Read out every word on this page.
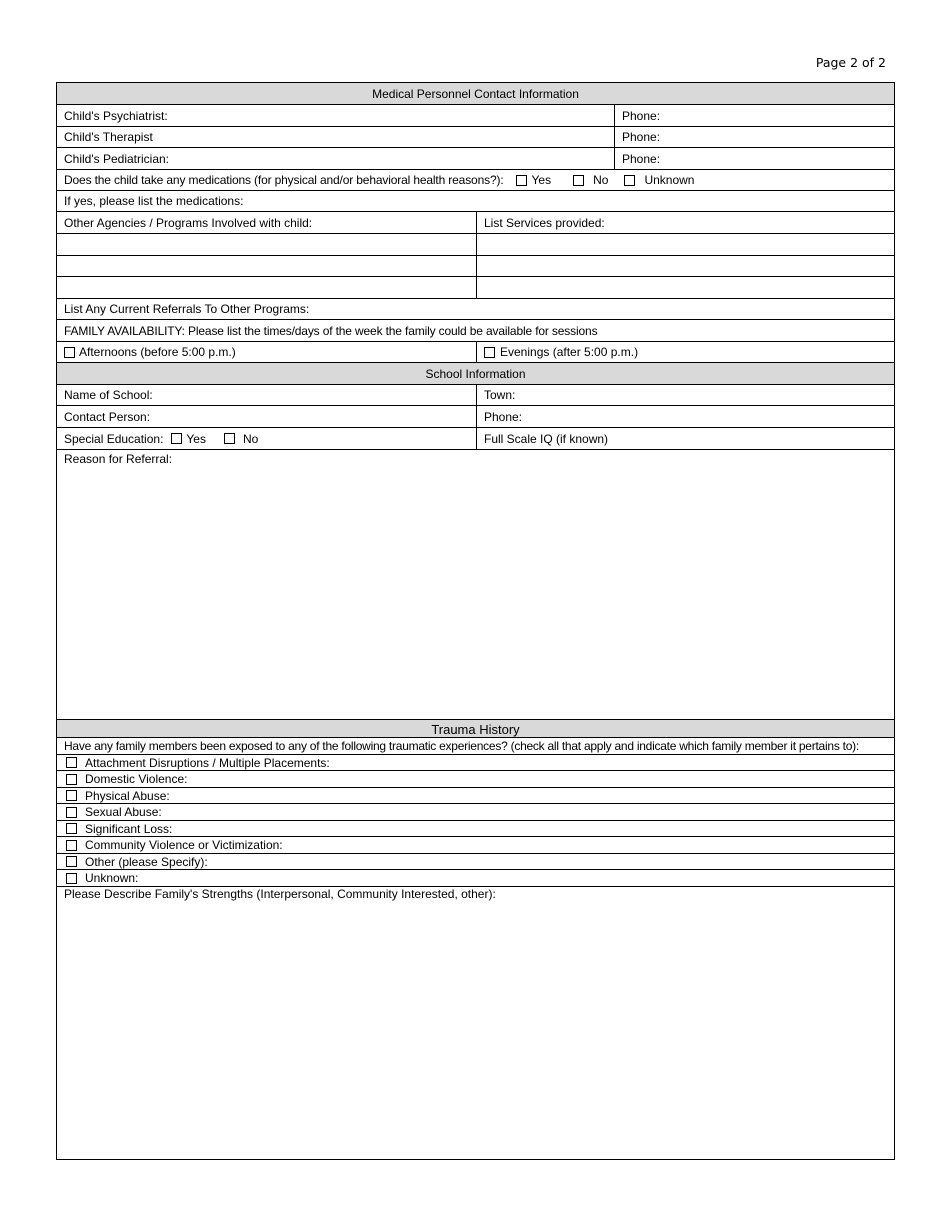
Page 2 of 2
Medical Personnel Contact Information
Child's Psychiatrist:	Phone:
Child's Therapist	Phone:
Child's Pediatrician:	Phone:
Does the child take any medications (for physical and/or behavioral health reasons?): Yes	No	Unknown
If yes, please list the medications:
Other Agencies / Programs Involved with child:	List Services provided:
List Any Current Referrals To Other Programs:
FAMILY AVAILABILITY: Please list the times/days of the week the family could be available for sessions
Afternoons (before 5:00 p.m.)	Evenings (after 5:00 p.m.)
School Information
Name of School:	Town:
Contact Person:	Phone:
Special Education: Yes	No	Full Scale IQ (if known)
Reason for Referral:
Trauma History
Have any family members been exposed to any of the following traumatic experiences? (check all that apply and indicate which family member it pertains to):
Attachment Disruptions / Multiple Placements:
Domestic Violence:
Physical Abuse:
Sexual Abuse:
Significant Loss:
Community Violence or Victimization:
Other (please Specify):
Unknown:
Please Describe Family's Strengths (Interpersonal, Community Interested, other):
